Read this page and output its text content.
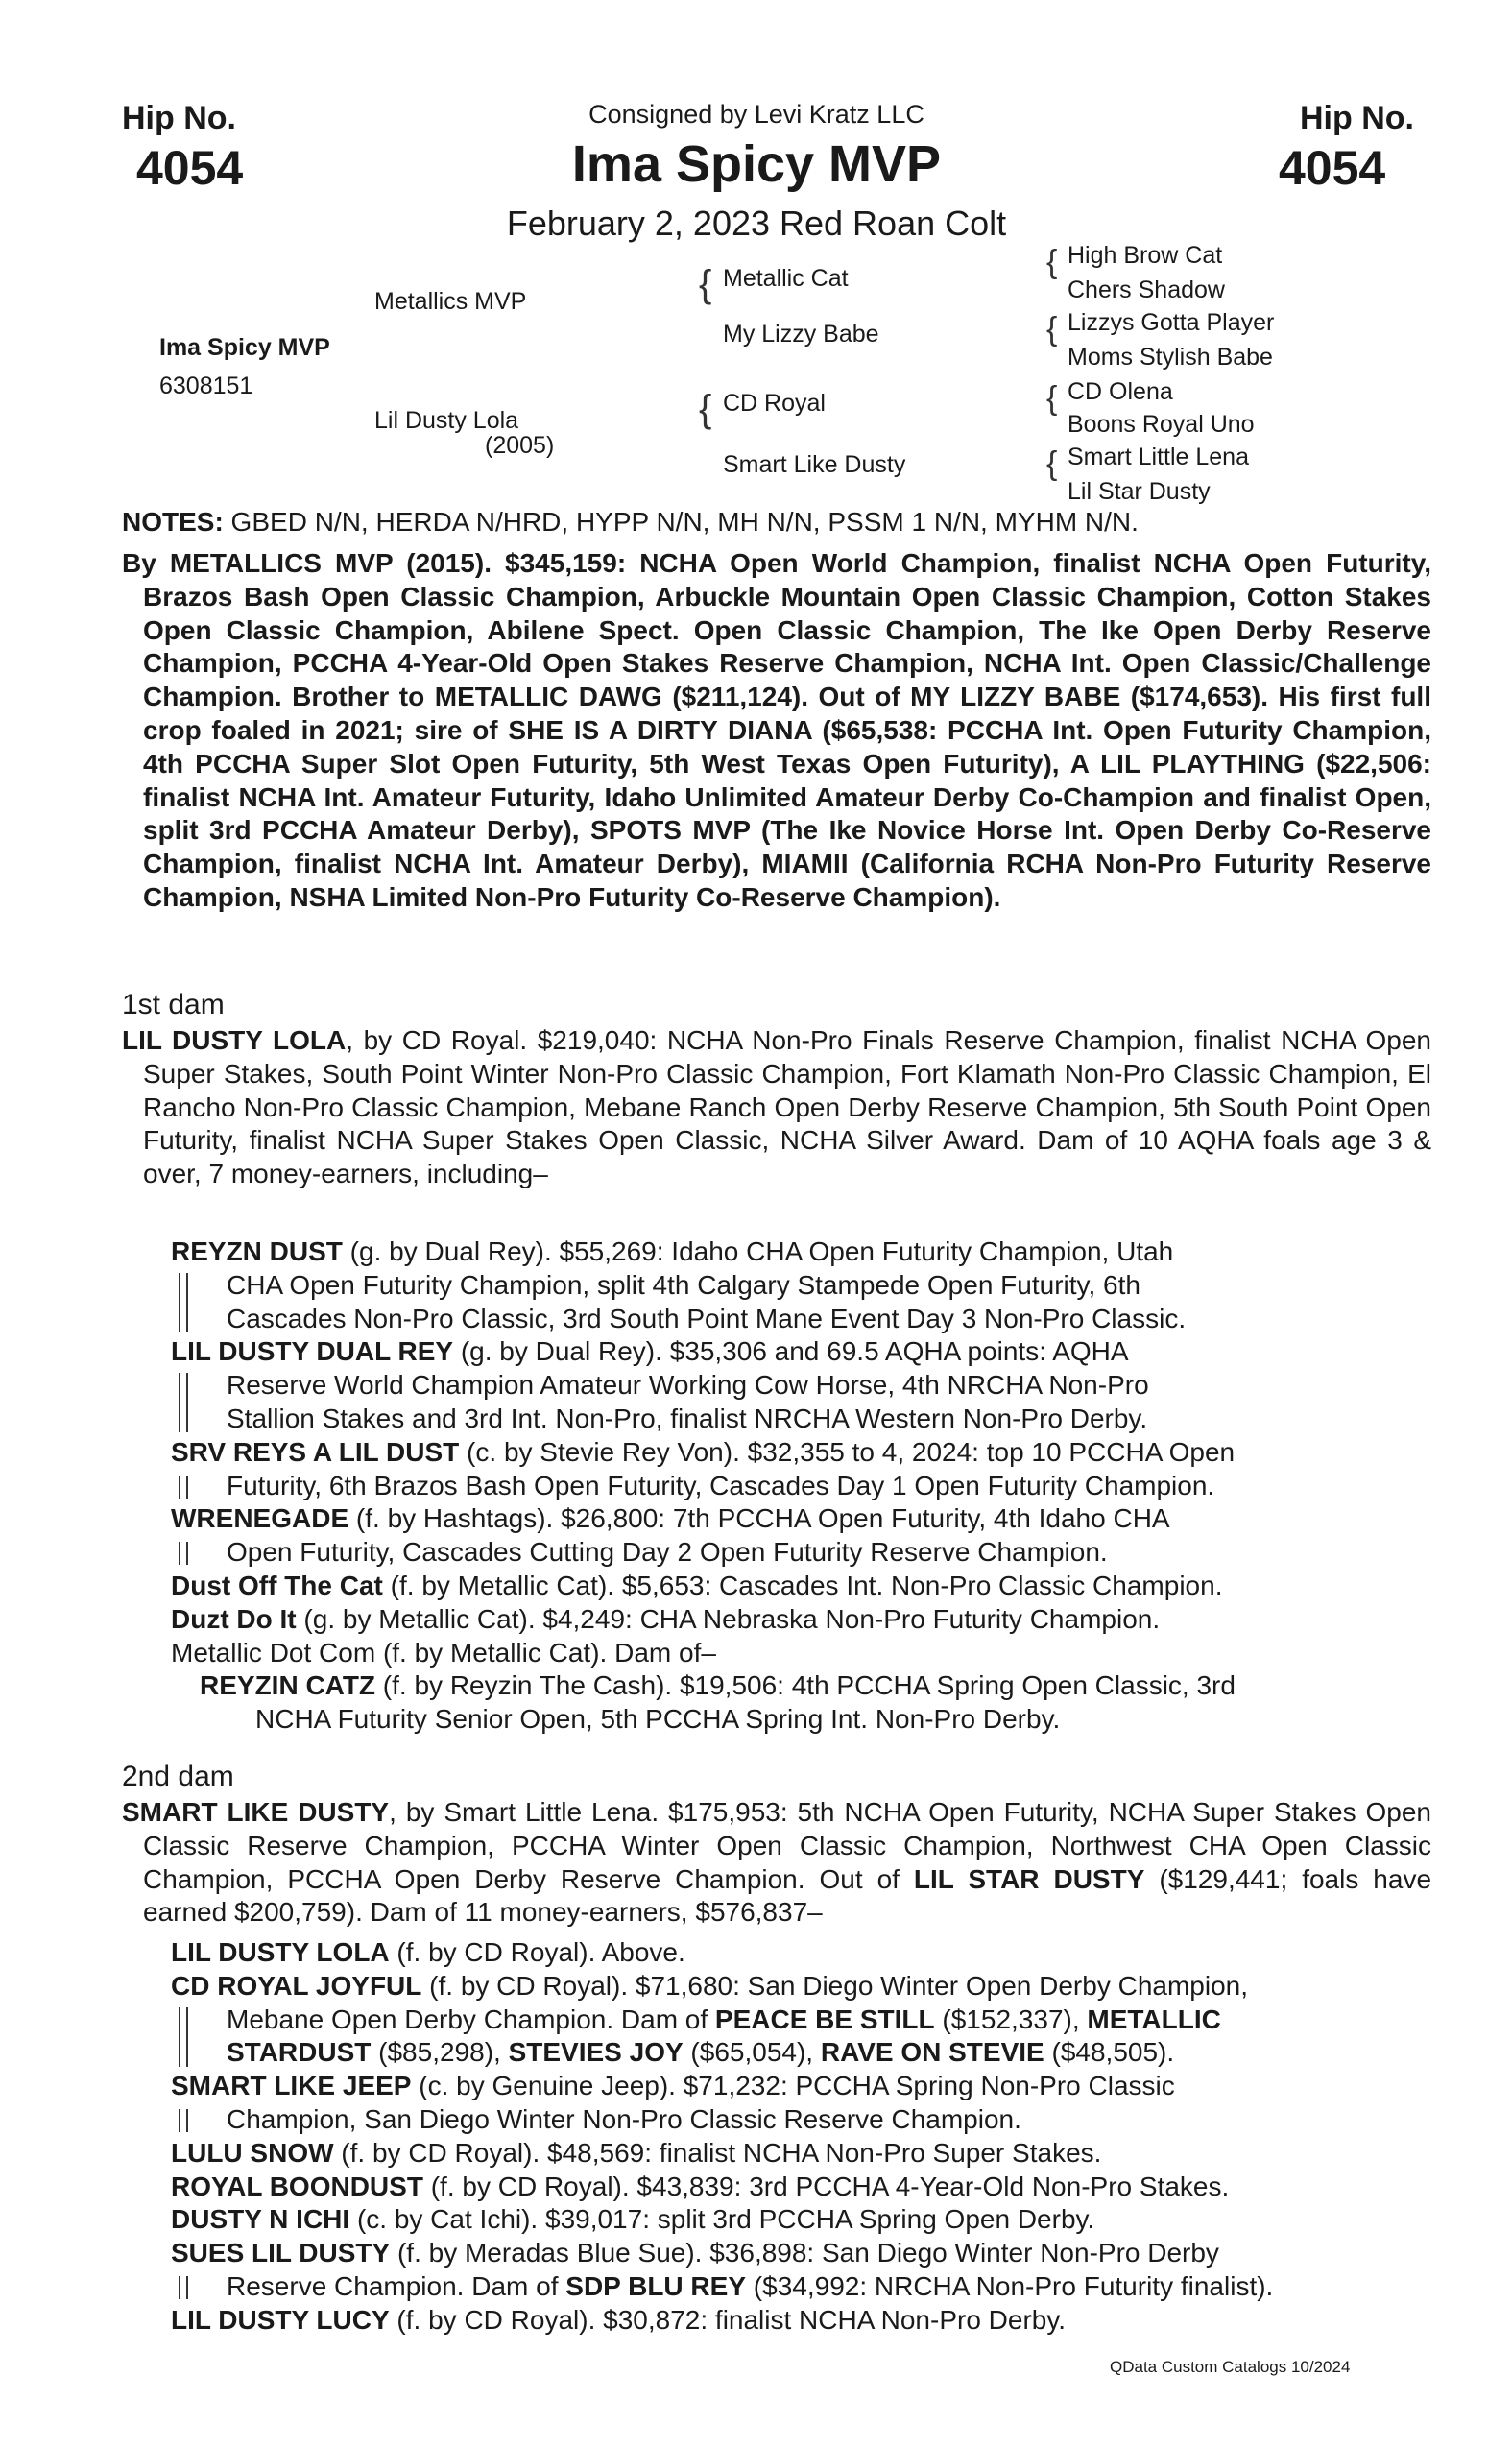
Hip No.
4054
Hip No.
4054
Consigned by Levi Kratz LLC
Ima Spicy MVP
February 2, 2023 Red Roan Colt
Ima Spicy MVP
6308151
Metallics MVP
Lil Dusty Lola
(2005)
{ Metallic Cat
My Lizzy Babe
{ CD Royal
Smart Like Dusty
{ High Brow Cat
Chers Shadow
{ Lizzys Gotta Player
Moms Stylish Babe
{ CD Olena
Boons Royal Uno
{ Smart Little Lena
Lil Star Dusty
NOTES: GBED N/N, HERDA N/HRD, HYPP N/N, MH N/N, PSSM 1 N/N, MYHM N/N.
By METALLICS MVP (2015). $345,159: NCHA Open World Champion, finalist NCHA Open Futurity, Brazos Bash Open Classic Champion, Arbuckle Mountain Open Classic Champion, Cotton Stakes Open Classic Champion, Abilene Spect. Open Classic Champion, The Ike Open Derby Reserve Champion, PCCHA 4-Year-Old Open Stakes Reserve Champion, NCHA Int. Open Classic/Challenge Champion. Brother to METALLIC DAWG ($211,124). Out of MY LIZZY BABE ($174,653). His first full crop foaled in 2021; sire of SHE IS A DIRTY DIANA ($65,538: PCCHA Int. Open Futurity Champion, 4th PCCHA Super Slot Open Futurity, 5th West Texas Open Futurity), A LIL PLAYTHING ($22,506: finalist NCHA Int. Amateur Futurity, Idaho Unlimited Amateur Derby Co-Champion and finalist Open, split 3rd PCCHA Amateur Derby), SPOTS MVP (The Ike Novice Horse Int. Open Derby Co-Reserve Champion, finalist NCHA Int. Amateur Derby), MIAMII (California RCHA Non-Pro Futurity Reserve Champion, NSHA Limited Non-Pro Futurity Co-Reserve Champion).
1st dam
LIL DUSTY LOLA, by CD Royal. $219,040: NCHA Non-Pro Finals Reserve Champion, finalist NCHA Open Super Stakes, South Point Winter Non-Pro Classic Champion, Fort Klamath Non-Pro Classic Champion, El Rancho Non-Pro Classic Champion, Mebane Ranch Open Derby Reserve Champion, 5th South Point Open Futurity, finalist NCHA Super Stakes Open Classic, NCHA Silver Award. Dam of 10 AQHA foals age 3 & over, 7 money-earners, including–
REYZN DUST (g. by Dual Rey). $55,269: Idaho CHA Open Futurity Champion, Utah
CHA Open Futurity Champion, split 4th Calgary Stampede Open Futurity, 6th
Cascades Non-Pro Classic, 3rd South Point Mane Event Day 3 Non-Pro Classic.
LIL DUSTY DUAL REY (g. by Dual Rey). $35,306 and 69.5 AQHA points: AQHA
Reserve World Champion Amateur Working Cow Horse, 4th NRCHA Non-Pro
Stallion Stakes and 3rd Int. Non-Pro, finalist NRCHA Western Non-Pro Derby.
SRV REYS A LIL DUST (c. by Stevie Rey Von). $32,355 to 4, 2024: top 10 PCCHA Open
Futurity, 6th Brazos Bash Open Futurity, Cascades Day 1 Open Futurity Champion.
WRENEGADE (f. by Hashtags). $26,800: 7th PCCHA Open Futurity, 4th Idaho CHA
Open Futurity, Cascades Cutting Day 2 Open Futurity Reserve Champion.
Dust Off The Cat (f. by Metallic Cat). $5,653: Cascades Int. Non-Pro Classic Champion.
Duzt Do It (g. by Metallic Cat). $4,249: CHA Nebraska Non-Pro Futurity Champion.
Metallic Dot Com (f. by Metallic Cat). Dam of–
REYZIN CATZ (f. by Reyzin The Cash). $19,506: 4th PCCHA Spring Open Classic, 3rd
NCHA Futurity Senior Open, 5th PCCHA Spring Int. Non-Pro Derby.
2nd dam
SMART LIKE DUSTY, by Smart Little Lena. $175,953: 5th NCHA Open Futurity, NCHA Super Stakes Open Classic Reserve Champion, PCCHA Winter Open Classic Champion, Northwest CHA Open Classic Champion, PCCHA Open Derby Reserve Champion. Out of LIL STAR DUSTY ($129,441; foals have earned $200,759). Dam of 11 money-earners, $576,837–
LIL DUSTY LOLA (f. by CD Royal). Above.
CD ROYAL JOYFUL (f. by CD Royal). $71,680: San Diego Winter Open Derby Champion,
Mebane Open Derby Champion. Dam of PEACE BE STILL ($152,337), METALLIC
STARDUST ($85,298), STEVIES JOY ($65,054), RAVE ON STEVIE ($48,505).
SMART LIKE JEEP (c. by Genuine Jeep). $71,232: PCCHA Spring Non-Pro Classic
Champion, San Diego Winter Non-Pro Classic Reserve Champion.
LULU SNOW (f. by CD Royal). $48,569: finalist NCHA Non-Pro Super Stakes.
ROYAL BOONDUST (f. by CD Royal). $43,839: 3rd PCCHA 4-Year-Old Non-Pro Stakes.
DUSTY N ICHI (c. by Cat Ichi). $39,017: split 3rd PCCHA Spring Open Derby.
SUES LIL DUSTY (f. by Meradas Blue Sue). $36,898: San Diego Winter Non-Pro Derby
Reserve Champion. Dam of SDP BLU REY ($34,992: NRCHA Non-Pro Futurity finalist).
LIL DUSTY LUCY (f. by CD Royal). $30,872: finalist NCHA Non-Pro Derby.
QData Custom Catalogs 10/2024
